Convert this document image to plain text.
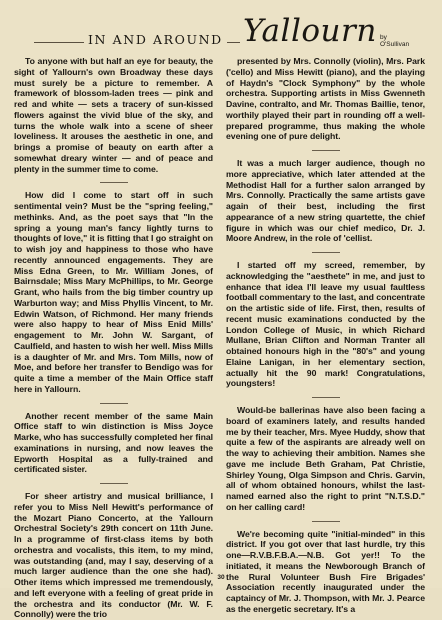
IN AND AROUND Yallourn by O'Sullivan

To anyone with but half an eye for beauty, the sight of Yallourn's own Broadway these days must surely be a picture to remember. A framework of blossom-laden trees — pink and red and white — sets a tracery of sun-kissed flowers against the vivid blue of the sky, and turns the whole walk into a scene of sheer loveliness. It arouses the aesthetic in one, and brings a promise of beauty on earth after a somewhat dreary winter — and of peace and plenty in the summer time to come.

How did I come to start off in such sentimental vein? Must be the "spring feeling," methinks. And, as the poet says that "In the spring a young man's fancy lightly turns to thoughts of love," it is fitting that I go straight on to wish joy and happiness to those who have recently announced engagements. They are Miss Edna Green, to Mr. William Jones, of Bairnsdale; Miss Mary McPhillips, to Mr. George Grant, who hails from the big timber country up Warburton way; and Miss Phyllis Vincent, to Mr. Edwin Watson, of Richmond. Her many friends were also happy to hear of Miss Enid Mills' engagement to Mr. John W. Sargant, of Caulfield, and hasten to wish her well. Miss Mills is a daughter of Mr. and Mrs. Tom Mills, now of Moe, and before her transfer to Bendigo was for quite a time a member of the Main Office staff here in Yallourn.

Another recent member of the same Main Office staff to win distinction is Miss Joyce Marke, who has successfully completed her final examinations in nursing, and now leaves the Epworth Hospital as a fully-trained and certificated sister.

For sheer artistry and musical brilliance, I refer you to Miss Nell Hewitt's performance of the Mozart Piano Concerto, at the Yallourn Orchestral Society's 29th concert on 11th June. In a programme of first-class items by both orchestra and vocalists, this item, to my mind, was outstanding (and, may I say, deserving of a much larger audience than the one she had). Other items which impressed me tremendously, and left everyone with a feeling of great pride in the orchestra and its conductor (Mr. W. F. Connolly) were the trio

presented by Mrs. Connolly (violin), Mrs. Park ('cello) and Miss Hewitt (piano), and the playing of Haydn's "Clock Symphony" by the whole orchestra. Supporting artists in Miss Gwenneth Davine, contralto, and Mr. Thomas Baillie, tenor, worthily played their part in rounding off a well-prepared programme, thus making the whole evening one of pure delight.

It was a much larger audience, though no more appreciative, which later attended at the Methodist Hall for a further salon arranged by Mrs. Connolly. Practically the same artists gave again of their best, including the first appearance of a new string quartette, the chief figure in which was our chief medico, Dr. J. Moore Andrew, in the role of 'cellist.

I started off my screed, remember, by acknowledging the "aesthete" in me, and just to enhance that idea I'll leave my usual faultless football commentary to the last, and concentrate on the artistic side of life. First, then, results of recent music examinations conducted by the London College of Music, in which Richard Mullane, Brian Clifton and Norman Tranter all obtained honours high in the "80's" and young Elaine Lanigan, in her elementary section, actually hit the 90 mark! Congratulations, youngsters!

Would-be ballerinas have also been facing a board of examiners lately, and results handed me by their teacher, Mrs. Myee Huddy, show that quite a few of the aspirants are already well on the way to achieving their ambition. Names she gave me include Beth Graham, Pat Christie, Shirley Young, Olga Simpson and Chris. Garvin, all of whom obtained honours, whilst the last-named earned also the right to print "N.T.S.D." on her calling card!

We're becoming quite "initial-minded" in this district. If you got over that last hurdle, try this one—R.V.B.F.B.A.—N.B. Got yer!! To the initiated, it means the Newborough Branch of the Rural Volunteer Bush Fire Brigades' Association recently inaugurated under the captaincy of Mr. J. Thompson, with Mr. J. Pearce as the energetic secretary. It's a

30
